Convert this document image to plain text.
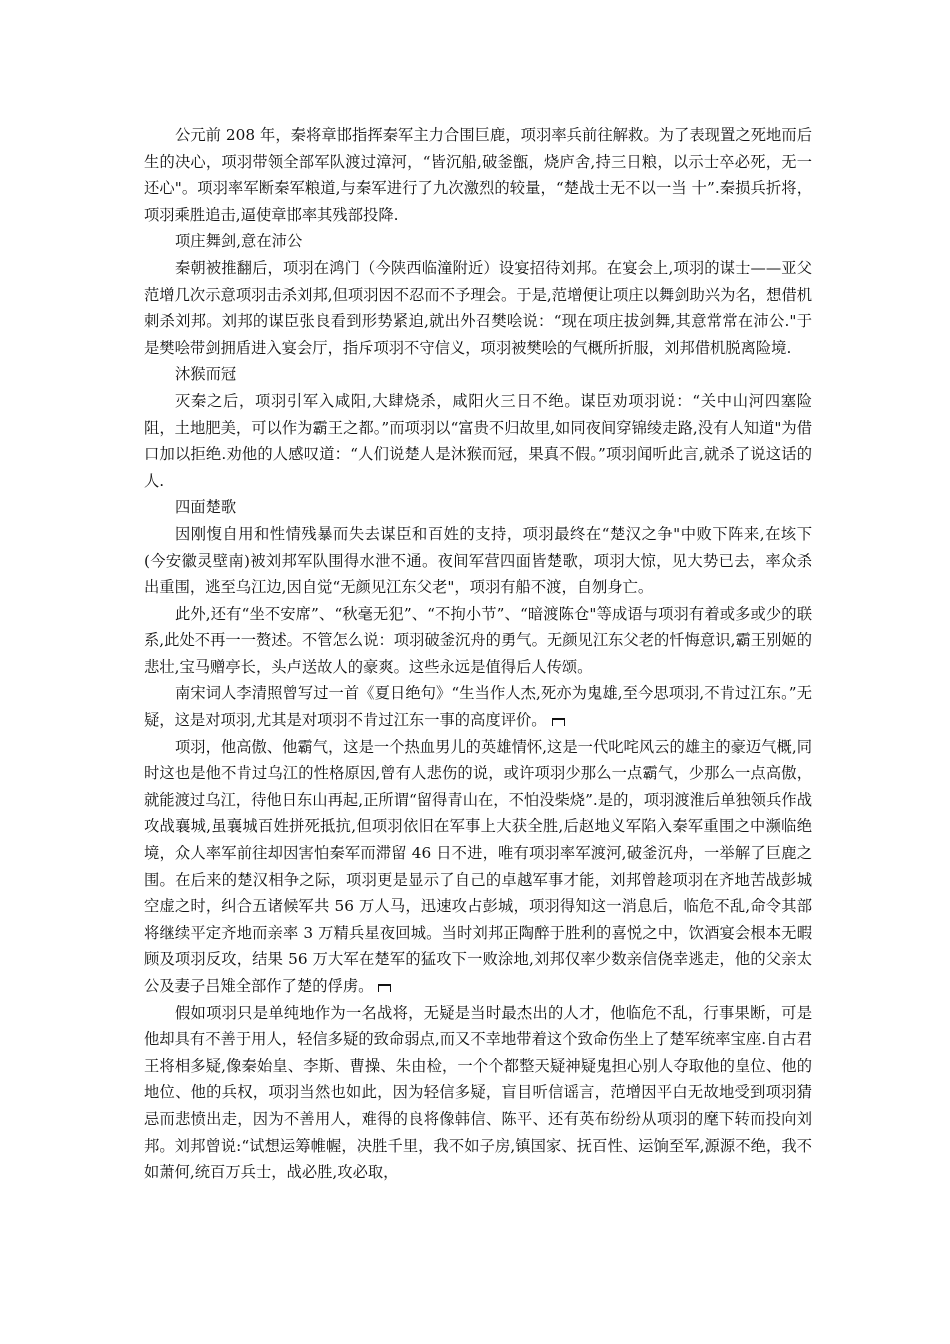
公元前 208 年，秦将章邯指挥秦军主力合围巨鹿，项羽率兵前往解救。为了表现置之死地而后生的决心，项羽带领全部军队渡过漳河，“皆沉船,破釜甑，烧庐舍,持三日粮，以示士卒必死，无一还心"。项羽率军断秦军粮道,与秦军进行了九次激烈的较量，“楚战士无不以一当 十”.秦损兵折将，项羽乘胜追击,逼使章邯率其残部投降.

项庄舞剑,意在沛公

秦朝被推翻后，项羽在鸿门（今陕西临潼附近）设宴招待刘邦。在宴会上,项羽的谋士——亚父范增几次示意项羽击杀刘邦,但项羽因不忍而不予理会。于是,范增便让项庄以舞剑助兴为名，想借机刺杀刘邦。刘邦的谋臣张良看到形势紧迫,就出外召樊哙说：“现在项庄拔剑舞,其意常常在沛公."于是樊哙带剑拥盾进入宴会厅，指斥项羽不守信义，项羽被樊哙的气概所折服，刘邦借机脱离险境.

沐猴而冠

灭秦之后，项羽引军入咸阳,大肆烧杀，咸阳火三日不绝。谋臣劝项羽说：“关中山河四塞险阻，土地肥美，可以作为霸王之都。”而项羽以“富贵不归故里,如同夜间穿锦绫走路,没有人知道"为借口加以拒绝.劝他的人感叹道：“人们说楚人是沐猴而冠，果真不假。”项羽闻听此言,就杀了说这话的人.

四面楚歌

因刚愎自用和性情残暴而失去谋臣和百姓的支持，项羽最终在“楚汉之争"中败下阵来,在垓下(今安徽灵壁南)被刘邦军队围得水泄不通。夜间军营四面皆楚歌，项羽大惊，见大势已去，率众杀出重围，逃至乌江边,因自觉“无颜见江东父老"，项羽有船不渡，自刎身亡。

此外,还有“坐不安席”、“秋毫无犯”、“不拘小节”、“暗渡陈仓"等成语与项羽有着或多或少的联系,此处不再一一赘述。不管怎么说：项羽破釜沉舟的勇气。无颜见江东父老的忏悔意识,霸王别姬的悲壮,宝马赠亭长，头卢送故人的豪爽。这些永远是值得后人传颂。

南宋词人李清照曾写过一首《夏日绝句》“生当作人杰,死亦为鬼雄,至今思项羽,不肯过江东。”无疑，这是对项羽,尤其是对项羽不肯过江东一事的高度评价。

项羽，他高傲、他霸气，这是一个热血男儿的英雄情怀,这是一代叱咤风云的雄主的豪迈气概,同时这也是他不肯过乌江的性格原因,曾有人悲伤的说，或许项羽少那么一点霸气，少那么一点高傲，就能渡过乌江，待他日东山再起,正所谓“留得青山在，不怕没柴烧”.是的，项羽渡淮后单独领兵作战攻战襄城,虽襄城百姓拼死抵抗,但项羽依旧在军事上大获全胜,后赵地义军陷入秦军重围之中濒临绝境，众人率军前往却因害怕秦军而滞留 46 日不进，唯有项羽率军渡河,破釜沉舟，一举解了巨鹿之围。在后来的楚汉相争之际，项羽更是显示了自己的卓越军事才能，刘邦曾趁项羽在齐地苦战彭城空虚之时，纠合五诸候军共 56 万人马，迅速攻占彭城，项羽得知这一消息后，临危不乱,命令其部将继续平定齐地而亲率 3 万精兵星夜回城。当时刘邦正陶醉于胜利的喜悦之中，饮酒宴会根本无暇顾及项羽反攻，结果 56 万大军在楚军的猛攻下一败涂地,刘邦仅率少数亲信侥幸逃走，他的父亲太公及妻子吕雉全部作了楚的俘虏。

假如项羽只是单纯地作为一名战将，无疑是当时最杰出的人才，他临危不乱，行事果断，可是他却具有不善于用人，轻信多疑的致命弱点,而又不幸地带着这个致命伤坐上了楚军统率宝座.自古君王将相多疑,像秦始皇、李斯、曹操、朱由检，一个个都整天疑神疑鬼担心别人夺取他的皇位、他的地位、他的兵权，项羽当然也如此，因为轻信多疑，盲目听信谣言，范增因平白无故地受到项羽猜忌而悲愤出走，因为不善用人，难得的良将像韩信、陈平、还有英布纷纷从项羽的麾下转而投向刘邦。刘邦曾说:“试想运筹帷幄，决胜千里，我不如子房,镇国家、抚百性、运饷至军,源源不绝，我不如萧何,统百万兵士，战必胜,攻必取，
